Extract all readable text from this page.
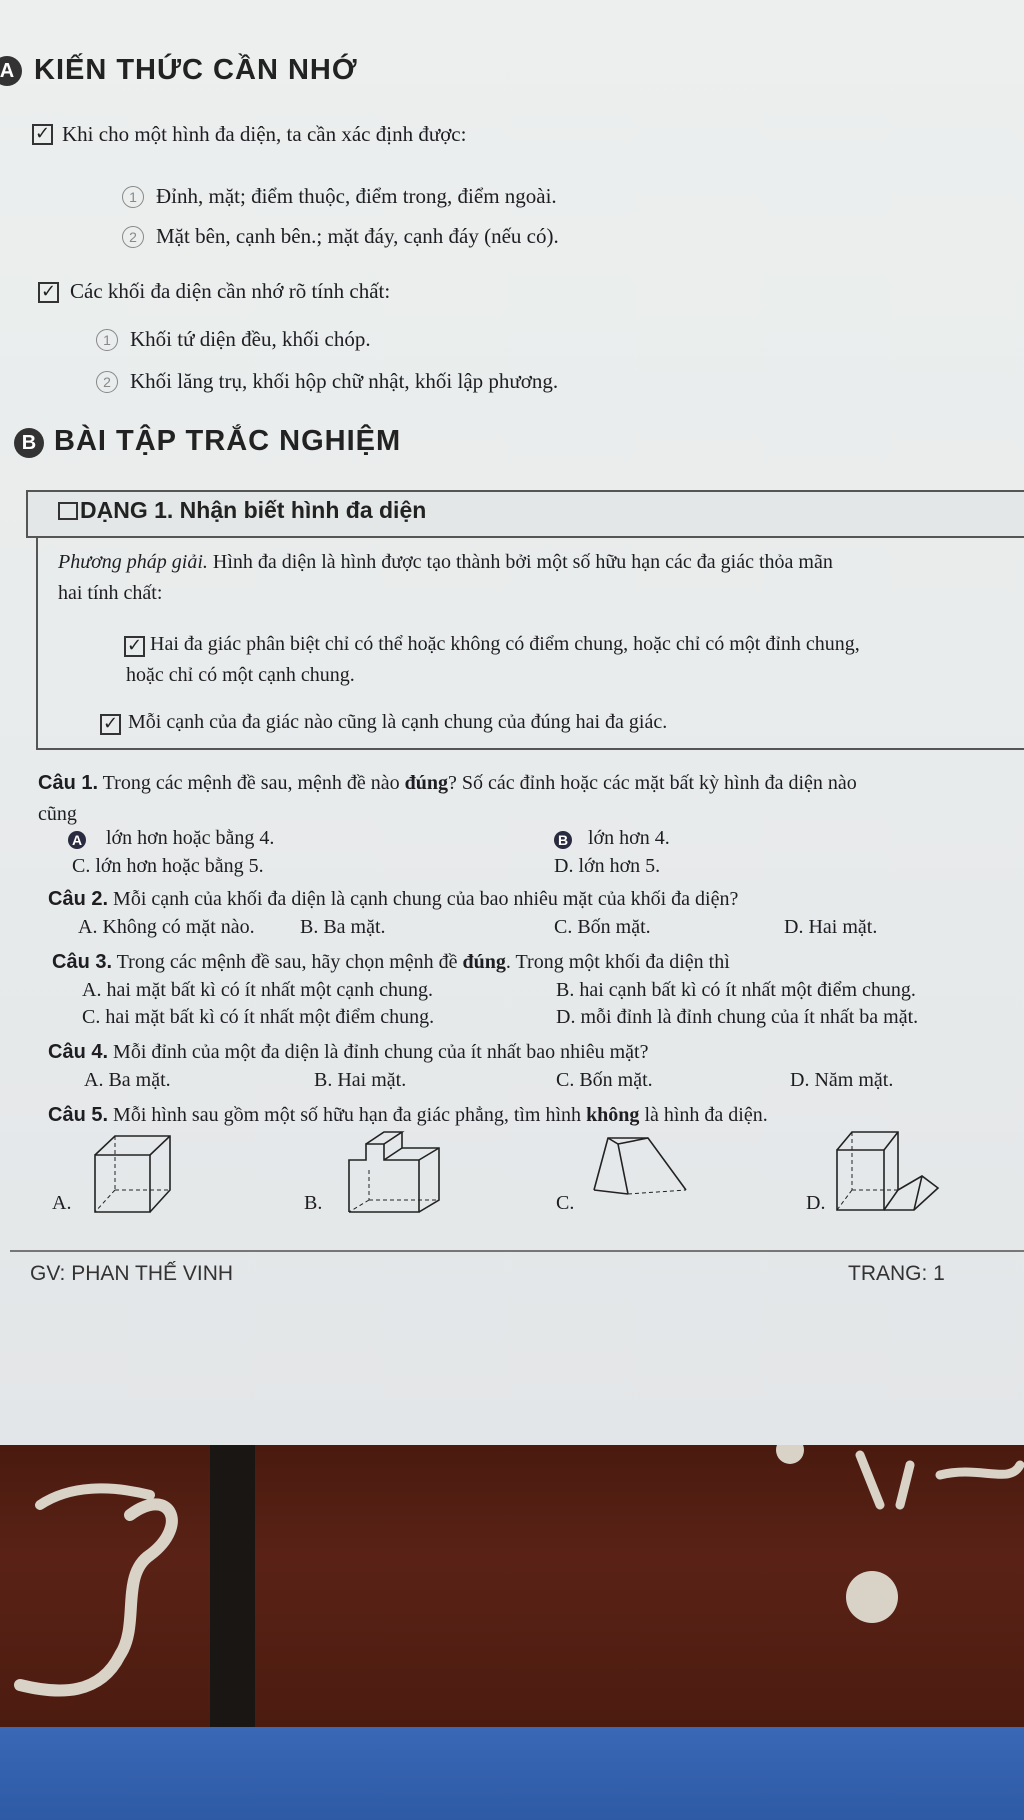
A KIẾN THỨC CẦN NHỚ
✓ Khi cho một hình đa diện, ta cần xác định được:
1 Đỉnh, mặt; điểm thuộc, điểm trong, điểm ngoài.
2 Mặt bên, cạnh bên.; mặt đáy, cạnh đáy (nếu có).
✓ Các khối đa diện cần nhớ rõ tính chất:
1 Khối tứ diện đều, khối chóp.
2 Khối lăng trụ, khối hộp chữ nhật, khối lập phương.
B BÀI TẬP TRẮC NGHIỆM
DẠNG 1. Nhận biết hình đa diện
Phương pháp giải. Hình đa diện là hình được tạo thành bởi một số hữu hạn các đa giác thỏa mãn
hai tính chất:
✓ Hai đa giác phân biệt chỉ có thể hoặc không có điểm chung, hoặc chỉ có một đỉnh chung,
hoặc chỉ có một cạnh chung.
✓ Mỗi cạnh của đa giác nào cũng là cạnh chung của đúng hai đa giác.
Câu 1. Trong các mệnh đề sau, mệnh đề nào đúng? Số các đỉnh hoặc các mặt bất kỳ hình đa diện nào
cũng
A lớn hơn hoặc bằng 4.	B lớn hơn 4.
C. lớn hơn hoặc bằng 5.	D. lớn hơn 5.
Câu 2. Mỗi cạnh của khối đa diện là cạnh chung của bao nhiêu mặt của khối đa diện?
A. Không có mặt nào. B. Ba mặt.	C. Bốn mặt.	D. Hai mặt.
Câu 3. Trong các mệnh đề sau, hãy chọn mệnh đề đúng. Trong một khối đa diện thì
A. hai mặt bất kì có ít nhất một cạnh chung.	B. hai cạnh bất kì có ít nhất một điểm chung.
C. hai mặt bất kì có ít nhất một điểm chung.	D. mỗi đỉnh là đỉnh chung của ít nhất ba mặt.
Câu 4. Mỗi đỉnh của một đa diện là đỉnh chung của ít nhất bao nhiêu mặt?
A. Ba mặt.	B. Hai mặt.	C. Bốn mặt.	D. Năm mặt.
Câu 5. Mỗi hình sau gồm một số hữu hạn đa giác phẳng, tìm hình không là hình đa diện.
A.	B.	C.	D.
GV: PHAN THẾ VINH	TRANG: 1
